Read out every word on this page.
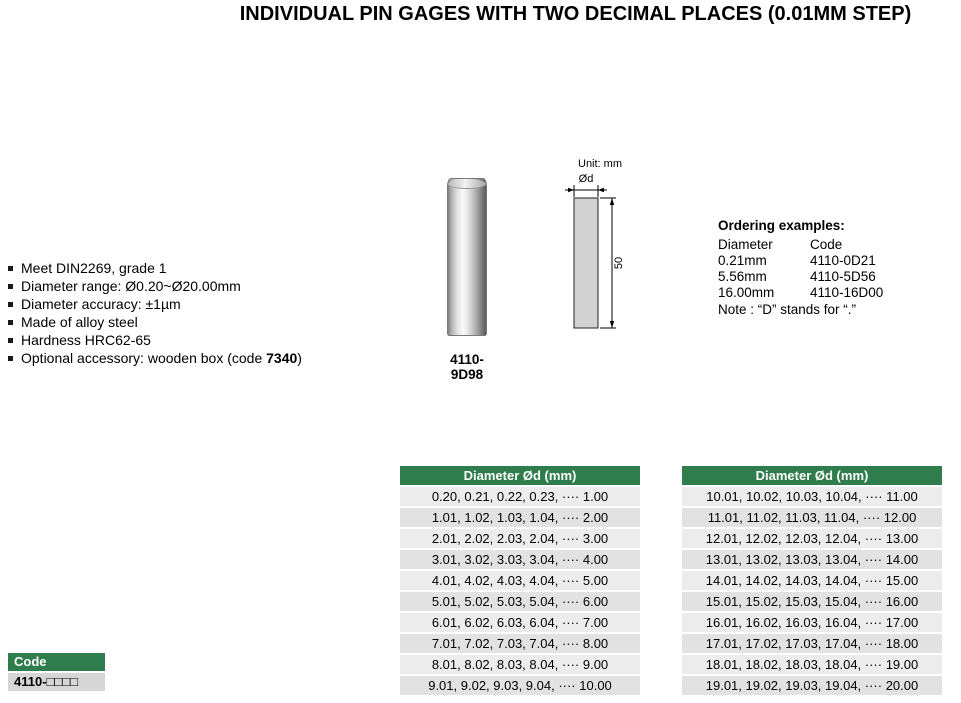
INDIVIDUAL PIN GAGES WITH TWO DECIMAL PLACES (0.01MM STEP)
Meet DIN2269, grade 1
Diameter range: Ø0.20~Ø20.00mm
Diameter accuracy: ±1µm
Made of alloy steel
Hardness HRC62-65
Optional accessory: wooden box (code 7340)	4110-9D98
Unit: mm
Ød
50
Ordering examples:
Diameter	Code
0.21mm	4110-0D21
5.56mm	4110-5D56
16.00mm	4110-16D00
Note : “D” stands for “.”
Diameter Ød (mm)
0.20, 0.21, 0.22, 0.23, ···· 1.00
1.01, 1.02, 1.03, 1.04, ···· 2.00
2.01, 2.02, 2.03, 2.04, ···· 3.00
3.01, 3.02, 3.03, 3.04, ···· 4.00
4.01, 4.02, 4.03, 4.04, ···· 5.00
5.01, 5.02, 5.03, 5.04, ···· 6.00
6.01, 6.02, 6.03, 6.04, ···· 7.00
7.01, 7.02, 7.03, 7.04, ···· 8.00
8.01, 8.02, 8.03, 8.04, ···· 9.00
9.01, 9.02, 9.03, 9.04, ···· 10.00
Diameter Ød (mm)
10.01, 10.02, 10.03, 10.04, ···· 11.00
11.01, 11.02, 11.03, 11.04, ···· 12.00
12.01, 12.02, 12.03, 12.04, ···· 13.00
13.01, 13.02, 13.03, 13.04, ···· 14.00
14.01, 14.02, 14.03, 14.04, ···· 15.00
15.01, 15.02, 15.03, 15.04, ···· 16.00
16.01, 16.02, 16.03, 16.04, ···· 17.00
17.01, 17.02, 17.03, 17.04, ···· 18.00
18.01, 18.02, 18.03, 18.04, ···· 19.00
19.01, 19.02, 19.03, 19.04, ···· 20.00
Code
4110-□□□□
